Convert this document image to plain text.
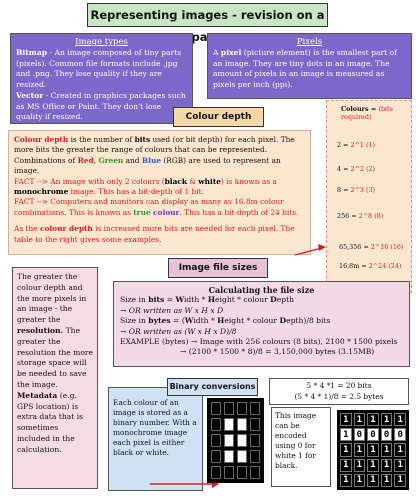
Representing images - revision on a
Image types
Bitmap - An image composed of tiny parts (pixels). Common file formats include .jpg and .png. They lose quality if they are resized.
Vector - Created in graphics packages such as MS Office or Paint. They don't lose quality if resized.
Pixels
A pixel (picture element) is the smallest part of an image. They are tiny dots in an image. The amount of pixels in an image is measured as pixels per inch (ppi).
Colour depth
Colour depth is the number of bits used (or bit depth) for each pixel. The more bits the greater the range of colours that can be represented. Combinations of Red, Green and Blue (RGB) are used to represent an image.
FACT --> An image with only 2 colours (black & white) is known as a monochrome image. This has a bit-depth of 1 bit.
FACT --> Computers and monitors can display as many as 16.8m colour combinations. This is known as true colour. This has a bit-depth of 24 bits.
As the colour depth is increased more bits are needed for each pixel. The table to the right gives some examples.
Colours = (bits required)
2 = 2^1 (1)
4 = 2^2 (2)
8 = 2^3 (3)
256 = 2^8 (8)
65,356 = 2^16 (16)
16.8m = 2^24 (24)
The greater the colour depth and the more pixels in an image - the greater the resolution. The greater the resolution the more storage space will be needed to save the image.
Metadata (e.g. GPS location) is extra data that is sometimes included in the calculation.
Image file sizes
Calculating the file size
Size in bits = Width * Height * colour Depth
→ OR written as W x H x D
Size in bytes = (Width * Height * colour Depth)/8 bits
→ OR written as (W x H x D)/8
EXAMPLE (bytes) → Image with 256 colours (8 bits), 2100 * 1500 pixels
→ (2100 * 1500 * 8)/8 = 3,150,000 bytes (3.15MB)
Each colour of an image is stored as a binary number. With a monochrome image each pixel is either black or white.
Binary conversions	5 * 4 *1 = 20 bits
(5 * 4 * 1)/8 = 2.5 bytes
This image can be encoded using 0 for white 1 for black.
1 1 1 1 1
1 0 0 0 0
1 1 1 1 1
1 1 1 1 1
1 1 1 1 1
